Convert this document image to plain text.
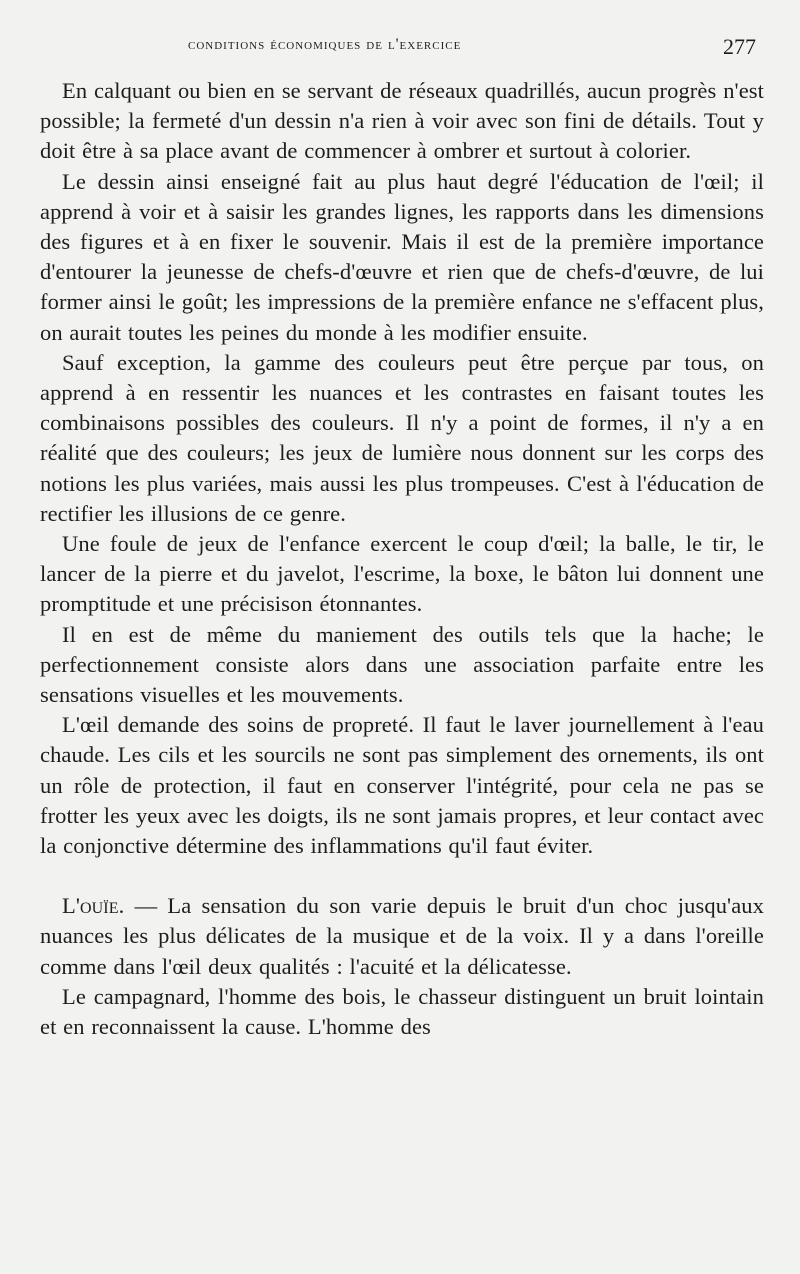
conditions économiques de l'exercice	277

En calquant ou bien en se servant de réseaux quadrillés, aucun progrès n'est possible; la fermeté d'un dessin n'a rien à voir avec son fini de détails. Tout y doit être à sa place avant de commencer à ombrer et surtout à colorier.

Le dessin ainsi enseigné fait au plus haut degré l'éducation de l'œil; il apprend à voir et à saisir les grandes lignes, les rapports dans les dimensions des figures et à en fixer le souvenir. Mais il est de la première importance d'entourer la jeunesse de chefs-d'œuvre et rien que de chefs-d'œuvre, de lui former ainsi le goût; les impressions de la première enfance ne s'effacent plus, on aurait toutes les peines du monde à les modifier ensuite.

Sauf exception, la gamme des couleurs peut être perçue par tous, on apprend à en ressentir les nuances et les contrastes en faisant toutes les combinaisons possibles des couleurs. Il n'y a point de formes, il n'y a en réalité que des couleurs; les jeux de lumière nous donnent sur les corps des notions les plus variées, mais aussi les plus trompeuses. C'est à l'éducation de rectifier les illusions de ce genre.

Une foule de jeux de l'enfance exercent le coup d'œil; la balle, le tir, le lancer de la pierre et du javelot, l'escrime, la boxe, le bâton lui donnent une promptitude et une précisison étonnantes.

Il en est de même du maniement des outils tels que la hache; le perfectionnement consiste alors dans une association parfaite entre les sensations visuelles et les mouvements.

L'œil demande des soins de propreté. Il faut le laver journellement à l'eau chaude. Les cils et les sourcils ne sont pas simplement des ornements, ils ont un rôle de protection, il faut en conserver l'intégrité, pour cela ne pas se frotter les yeux avec les doigts, ils ne sont jamais propres, et leur contact avec la conjonctive détermine des inflammations qu'il faut éviter.

L'ouïe. — La sensation du son varie depuis le bruit d'un choc jusqu'aux nuances les plus délicates de la musique et de la voix. Il y a dans l'oreille comme dans l'œil deux qualités : l'acuité et la délicatesse.

Le campagnard, l'homme des bois, le chasseur distinguent un bruit lointain et en reconnaissent la cause. L'homme des
